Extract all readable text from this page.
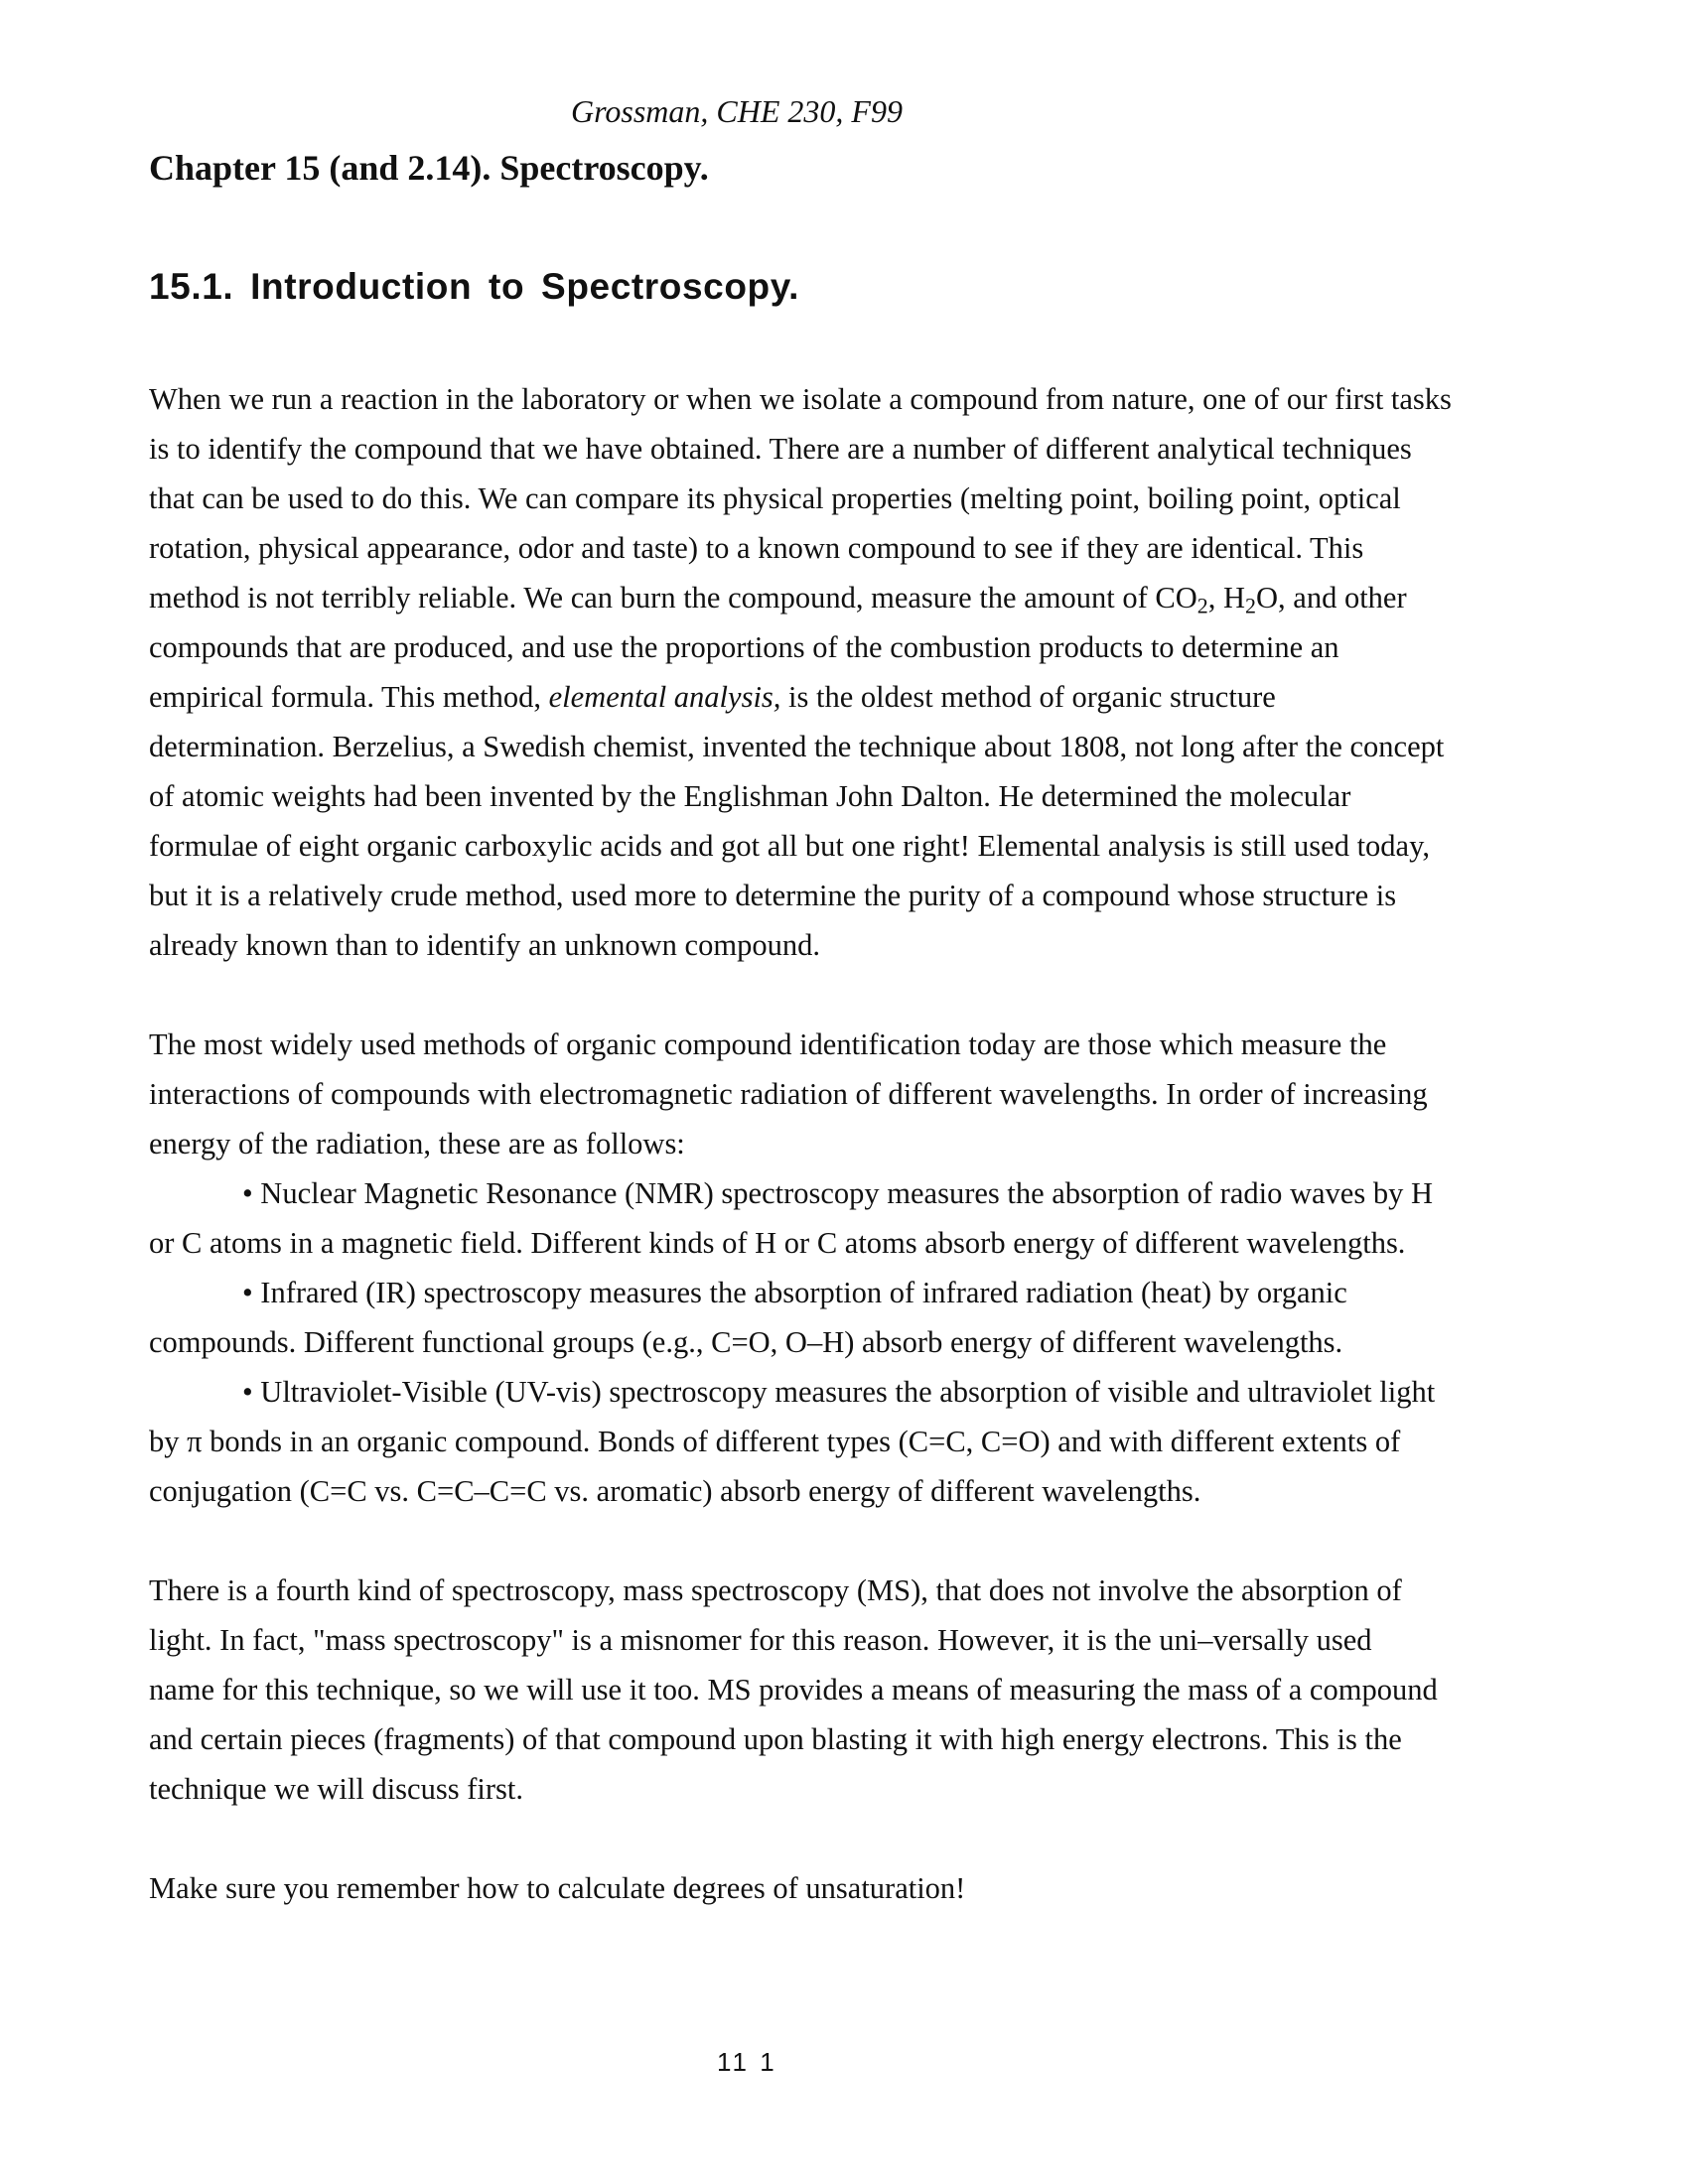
Grossman, CHE 230, F99
Chapter 15 (and 2.14). Spectroscopy.
15.1. Introduction to Spectroscopy.

When we run a reaction in the laboratory or when we isolate a compound from nature, one of our first tasks
is to identify the compound that we have obtained. There are a number of different analytical techniques
that can be used to do this. We can compare its physical properties (melting point, boiling point, optical
rotation, physical appearance, odor and taste) to a known compound to see if they are identical. This
method is not terribly reliable. We can burn the compound, measure the amount of $CO_2$, $H_2O$, and other
compounds that are produced, and use the proportions of the combustion products to determine an
empirical formula. This method, elemental analysis, is the oldest method of organic structure
determination. Berzelius, a Swedish chemist, invented the technique about 1808, not long after the concept
of atomic weights had been invented by the Englishman John Dalton. He determined the molecular
formulae of eight organic carboxylic acids and got all but one right! Elemental analysis is still used today,
but it is a relatively crude method, used more to determine the purity of a compound whose structure is
already known than to identify an unknown compound.

The most widely used methods of organic compound identification today are those which measure the
interactions of compounds with electromagnetic radiation of different wavelengths. In order of increasing
energy of the radiation, these are as follows:
• Nuclear Magnetic Resonance (NMR) spectroscopy measures the absorption of radio waves by H
or C atoms in a magnetic field. Different kinds of H or C atoms absorb energy of different wavelengths.
• Infrared (IR) spectroscopy measures the absorption of infrared radiation (heat) by organic
compounds. Different functional groups (e.g., C=O, O–H) absorb energy of different wavelengths.
• Ultraviolet-Visible (UV-vis) spectroscopy measures the absorption of visible and ultraviolet light
by π bonds in an organic compound. Bonds of different types (C=C, C=O) and with different extents of
conjugation (C=C vs. C=C–C=C vs. aromatic) absorb energy of different wavelengths.

There is a fourth kind of spectroscopy, mass spectroscopy (MS), that does not involve the absorption of
light. In fact, "mass spectroscopy" is a misnomer for this reason. However, it is the uni–versally used
name for this technique, so we will use it too. MS provides a means of measuring the mass of a compound
and certain pieces (fragments) of that compound upon blasting it with high energy electrons. This is the
technique we will discuss first.

Make sure you remember how to calculate degrees of unsaturation!

11 1
